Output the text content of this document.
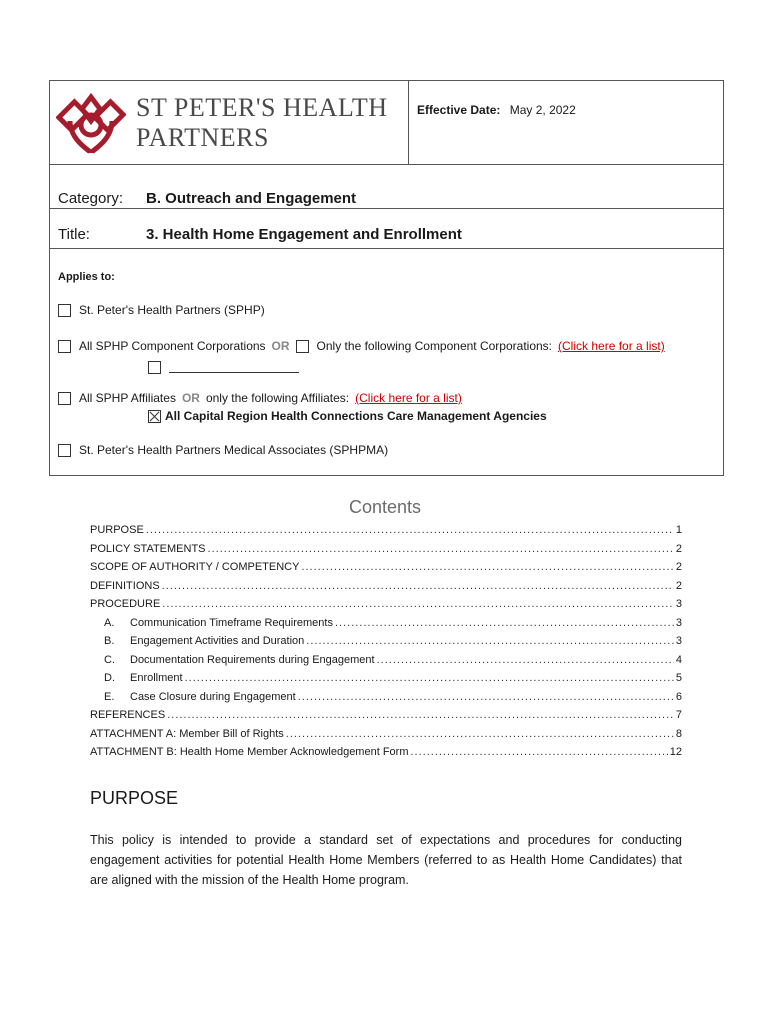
ST PETER'S HEALTH
PARTNERS
Effective Date: May 2, 2022
Category: B. Outreach and Engagement
Title:	3. Health Home Engagement and Enrollment
Applies to:
St. Peter's Health Partners (SPHP)
All SPHP Component Corporations OR Only the following Component Corporations: (Click here for a list)
All SPHP Affiliates OR only the following Affiliates: (Click here for a list)
All Capital Region Health Connections Care Management Agencies
St. Peter's Health Partners Medical Associates (SPHPMA)
Contents
PURPOSE .....	1
POLICY STATEMENTS .....	2
SCOPE OF AUTHORITY / COMPETENCY .....	2
DEFINITIONS .....	2
PROCEDURE .....	3
A.	Communication Timeframe Requirements .....	3
B.	Engagement Activities and Duration .....	3
C.	Documentation Requirements during Engagement .....	4
D.	Enrollment .....	5
E.	Case Closure during Engagement .....	6
REFERENCES .....	7
ATTACHMENT A: Member Bill of Rights .....	8
ATTACHMENT B: Health Home Member Acknowledgement Form .....	12
PURPOSE
This policy is intended to provide a standard set of expectations and procedures for conducting engagement activities for potential Health Home Members (referred to as Health Home Candidates) that are aligned with the mission of the Health Home program.
